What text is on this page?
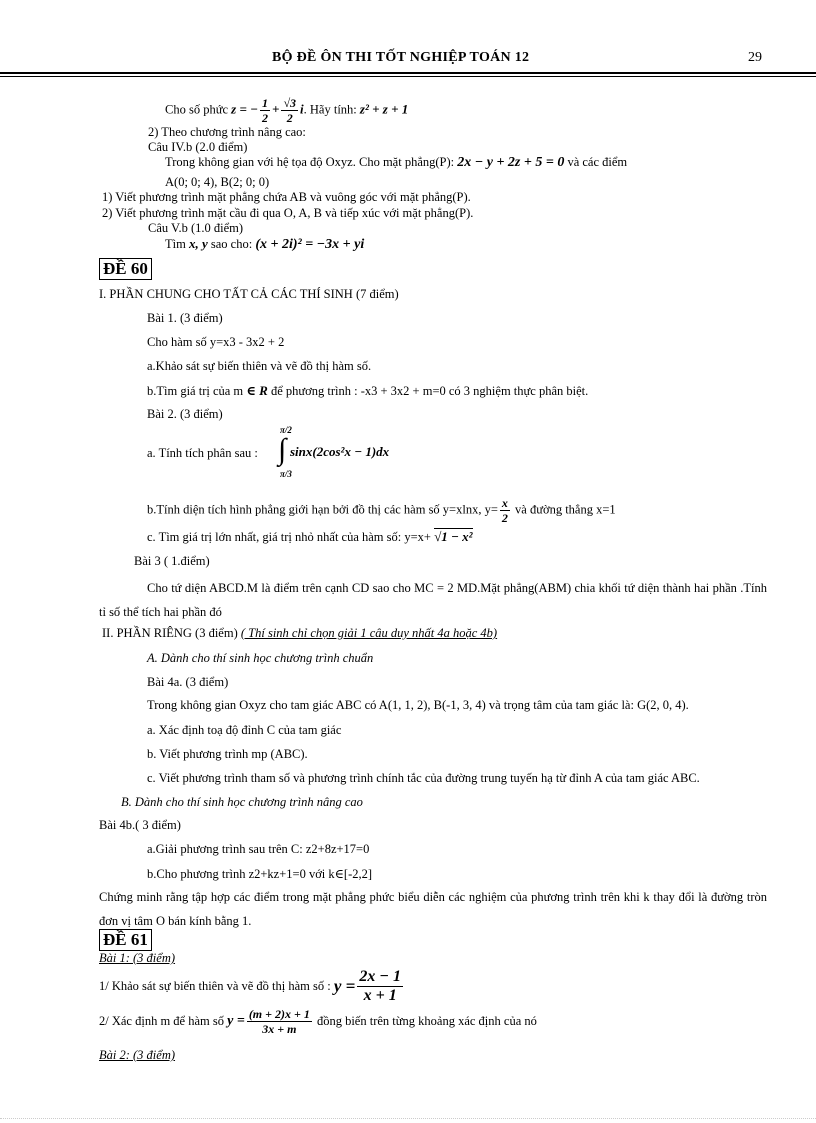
BỘ ĐỀ ÔN THI TỐT NGHIỆP TOÁN 12	29
Cho số phức z = − $\frac{1}{2} + \frac{√3}{2} i$. Hãy tính: z² + z + 1
2) Theo chương trình nâng cao:
Câu IV.b (2.0 điểm)
Trong không gian với hệ tọa độ Oxyz. Cho mặt phẳng(P): 2x − y + 2z + 5 = 0 và các điểm
A(0; 0; 4), B(2; 0; 0)
1) Viết phương trình mặt phẳng chứa AB và vuông góc với mặt phẳng(P).
2) Viết phương trình mặt cầu đi qua O, A, B và tiếp xúc với mặt phẳng(P).
Câu V.b (1.0 điểm)
Tìm x, y sao cho: (x + 2i)² = −3x + yi
ĐỀ 60
I. PHẦN CHUNG CHO TẤT CẢ CÁC THÍ SINH (7 điểm)
Bài 1. (3 điểm)
Cho hàm số y=x3 - 3x2 + 2
a.Khảo sát sự biến thiên và vẽ đồ thị hàm số.
b.Tìm giá trị của m ∈ R để phương trình : -x3 + 3x2 + m=0 có 3 nghiệm thực phân biệt.
Bài 2. (3 điểm)
a. Tính tích phân sau :
π/2
∫
π/3
sinx(2cos²x − 1)dx
b.Tính diện tích hình phẳng giới hạn bởi đồ thị các hàm số y=xlnx, $y= \frac{x}{2}$ và đường thẳng x=1
c. Tìm giá trị lớn nhất, giá trị nhỏ nhất của hàm số: y=x+ √1 − x²
Bài 3 ( 1.điểm)
Cho tứ diện ABCD.M là điểm trên cạnh CD sao cho MC = 2 MD.Mặt phẳng(ABM) chia khối tứ diện thành hai phần .Tính tỉ số thể tích hai phần đó
II. PHẦN RIÊNG (3 điểm) ( Thí sinh chỉ chọn giải 1 câu duy nhất 4a hoặc 4b)
A. Dành cho thí sinh học chương trình chuẩn
Bài 4a. (3 điểm)
Trong không gian Oxyz cho tam giác ABC có A(1, 1, 2), B(-1, 3, 4) và trọng tâm của tam giác là: G(2, 0, 4).
a. Xác định toạ độ đỉnh C của tam giác
b. Viết phương trình mp (ABC).
c. Viết phương trình tham số và phương trình chính tắc của đường trung tuyến hạ từ đỉnh A của tam giác ABC.
B. Dành cho thí sinh học chương trình nâng cao
Bài 4b.( 3 điểm)
a.Giải phương trình sau trên C: z2+8z+17=0
b.Cho phương trình z2+kz+1=0 với k∈[-2,2]
Chứng minh rằng tập hợp các điểm trong mặt phẳng phức biểu diễn các nghiệm của phương trình trên khi k thay đổi là đường tròn đơn vị tâm O bán kính bằng 1.
ĐỀ 61
Bài 1: (3 điểm)
1/ Khảo sát sự biến thiên và vẽ đồ thị hàm số : $y = \frac{2x - 1}{x + 1}$
2/ Xác định m để hàm số $y = \frac{(m + 2)x + 1}{3x + m}$ đồng biến trên từng khoảng xác định của nó
Bài 2: (3 điểm)
